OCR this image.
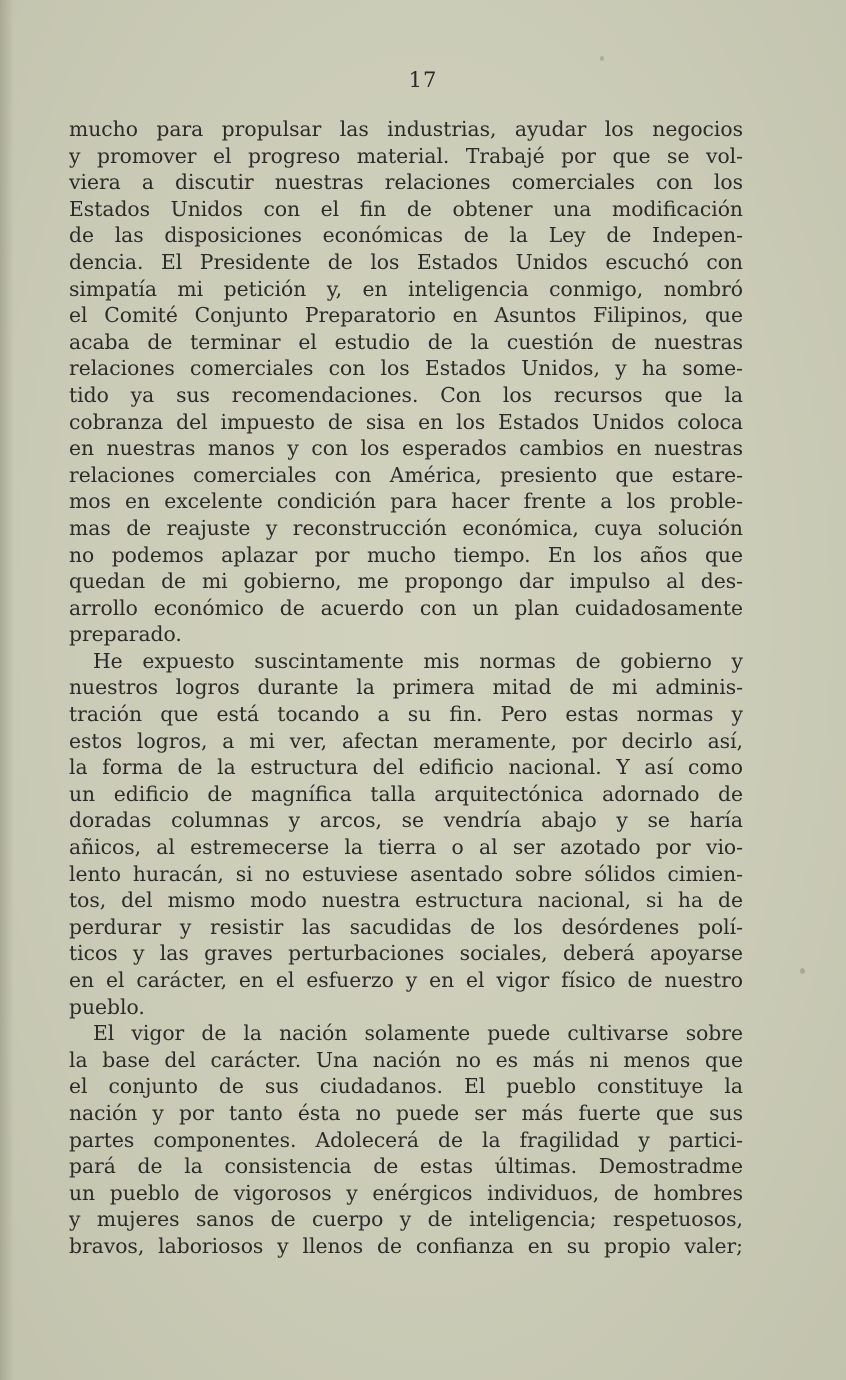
17
mucho para propulsar las industrias, ayudar los negocios
y promover el progreso material. Trabajé por que se vol-
viera a discutir nuestras relaciones comerciales con los
Estados Unidos con el fin de obtener una modificación
de las disposiciones económicas de la Ley de Indepen-
dencia. El Presidente de los Estados Unidos escuchó con
simpatía mi petición y, en inteligencia conmigo, nombró
el Comité Conjunto Preparatorio en Asuntos Filipinos, que
acaba de terminar el estudio de la cuestión de nuestras
relaciones comerciales con los Estados Unidos, y ha some-
tido ya sus recomendaciones. Con los recursos que la
cobranza del impuesto de sisa en los Estados Unidos coloca
en nuestras manos y con los esperados cambios en nuestras
relaciones comerciales con América, presiento que estare-
mos en excelente condición para hacer frente a los proble-
mas de reajuste y reconstrucción económica, cuya solución
no podemos aplazar por mucho tiempo. En los años que
quedan de mi gobierno, me propongo dar impulso al des-
arrollo económico de acuerdo con un plan cuidadosamente
preparado.
He expuesto suscintamente mis normas de gobierno y
nuestros logros durante la primera mitad de mi adminis-
tración que está tocando a su fin. Pero estas normas y
estos logros, a mi ver, afectan meramente, por decirlo así,
la forma de la estructura del edificio nacional. Y así como
un edificio de magnífica talla arquitectónica adornado de
doradas columnas y arcos, se vendría abajo y se haría
añicos, al estremecerse la tierra o al ser azotado por vio-
lento huracán, si no estuviese asentado sobre sólidos cimien-
tos, del mismo modo nuestra estructura nacional, si ha de
perdurar y resistir las sacudidas de los desórdenes polí-
ticos y las graves perturbaciones sociales, deberá apoyarse
en el carácter, en el esfuerzo y en el vigor físico de nuestro
pueblo.
El vigor de la nación solamente puede cultivarse sobre
la base del carácter. Una nación no es más ni menos que
el conjunto de sus ciudadanos. El pueblo constituye la
nación y por tanto ésta no puede ser más fuerte que sus
partes componentes. Adolecerá de la fragilidad y partici-
pará de la consistencia de estas últimas. Demostradme
un pueblo de vigorosos y enérgicos individuos, de hombres
y mujeres sanos de cuerpo y de inteligencia; respetuosos,
bravos, laboriosos y llenos de confianza en su propio valer;
